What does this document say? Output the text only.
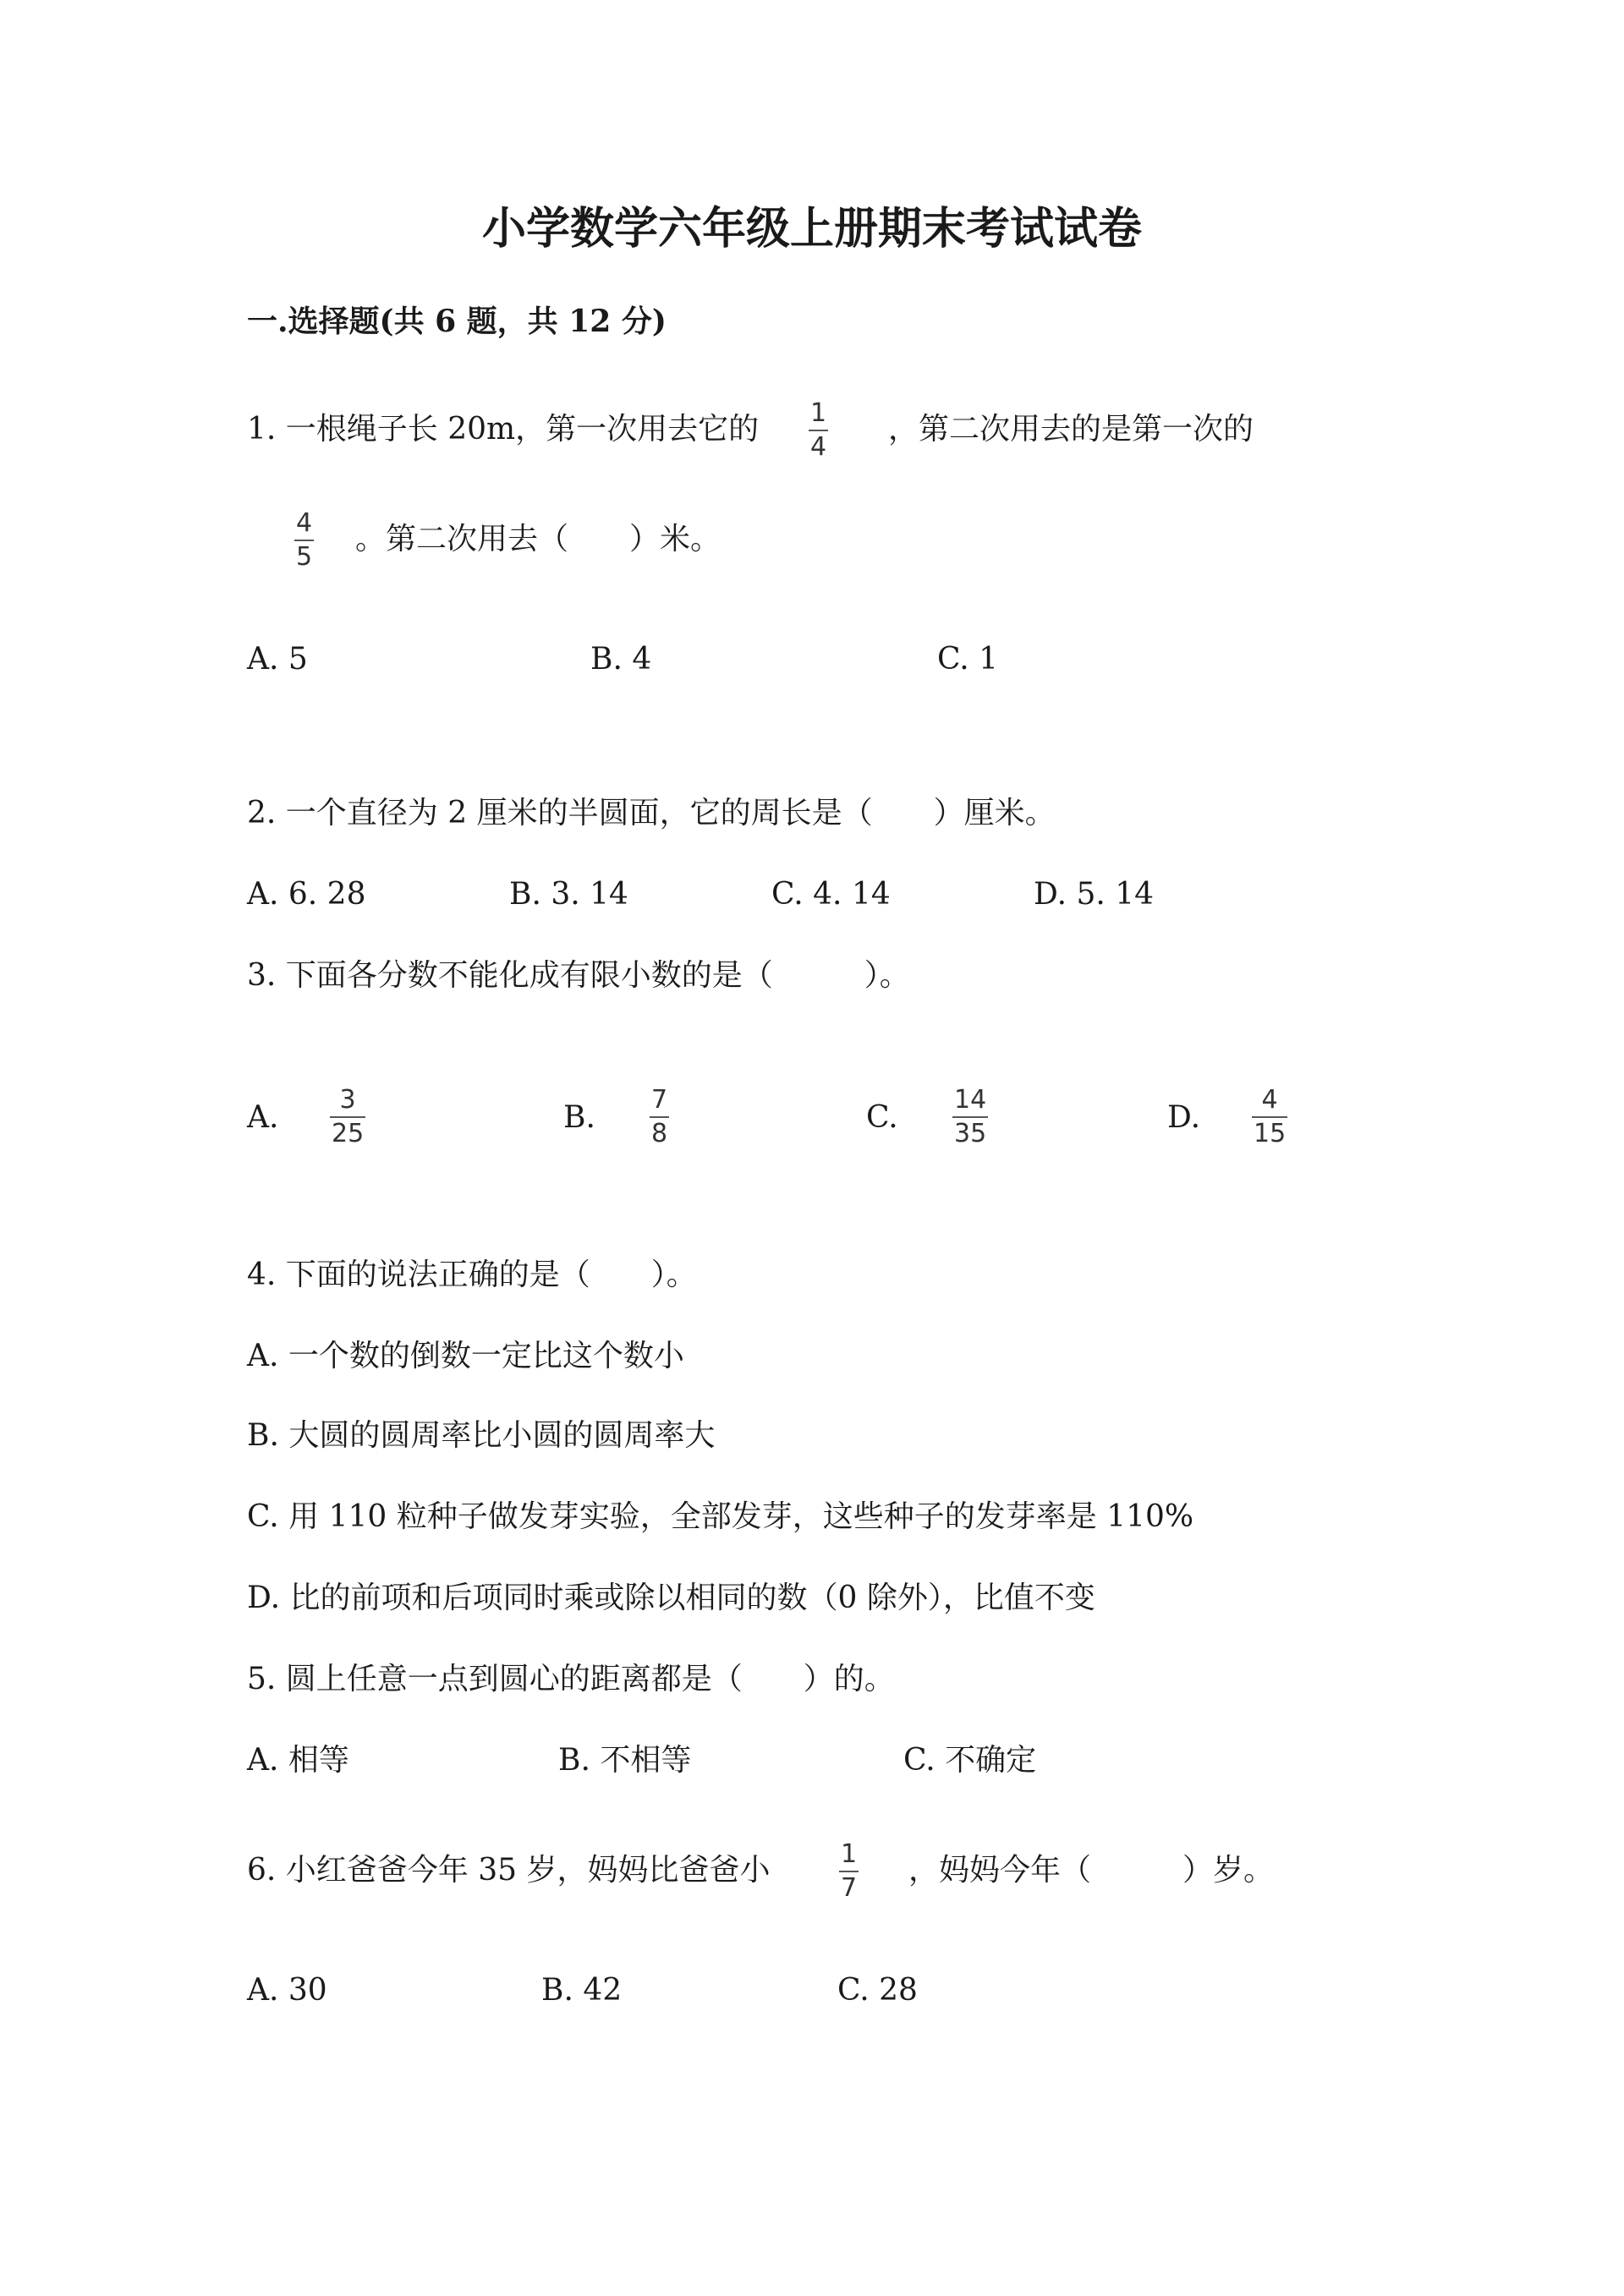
小学数学六年级上册期末考试试卷
一.选择题(共 6 题，共 12 分)
1. 一根绳子长 20m，第一次用去它的 1
4
，第二次用去的是第一次的
4
5
。第二次用去（　　）米。
A. 5	B. 4	C. 1
2. 一个直径为 2 厘米的半圆面，它的周长是（　　）厘米。
A. 6. 28	B. 3. 14	C. 4. 14	D. 5. 14
3. 下面各分数不能化成有限小数的是（　　　）。
A.
3
25	B.
7
8	C.
14
35	D.
4
15
4. 下面的说法正确的是（　　）。
A. 一个数的倒数一定比这个数小
B. 大圆的圆周率比小圆的圆周率大
C. 用 110 粒种子做发芽实验，全部发芽，这些种子的发芽率是 110%
D. 比的前项和后项同时乘或除以相同的数（0 除外），比值不变
5. 圆上任意一点到圆心的距离都是（　　）的。
A. 相等	B. 不相等	C. 不确定
6. 小红爸爸今年 35 岁，妈妈比爸爸小	1
7
，妈妈今年（　　　）岁。
A. 30	B. 42	C. 28
